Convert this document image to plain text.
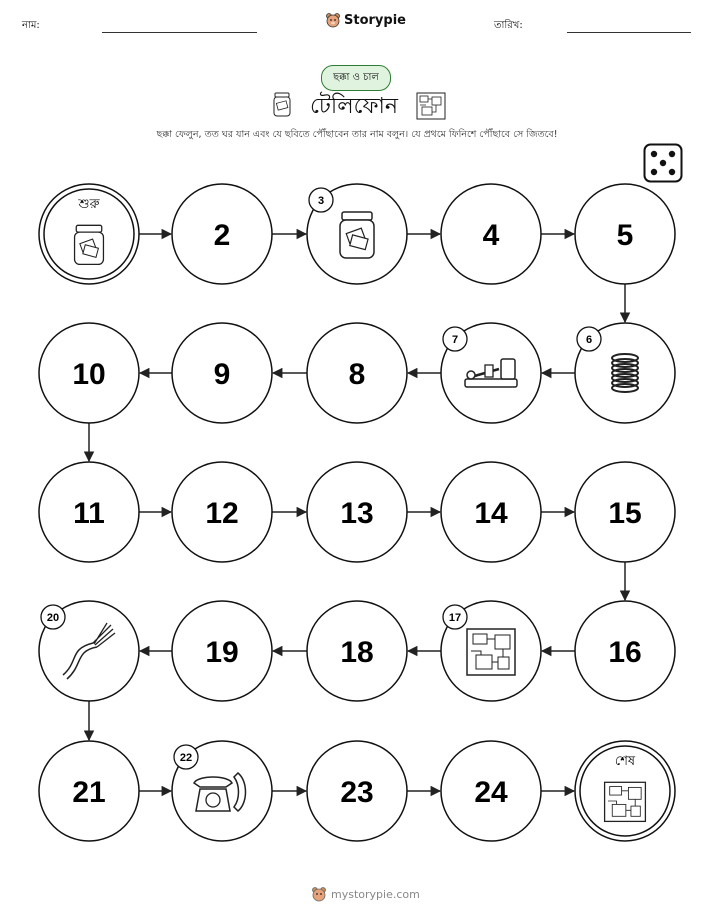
নাম:	Storypie	তারিখ:
ছক্কা ও চাল
টেলিফোন
ছক্কা ফেলুন, তত ঘর যান এবং যে ছবিতে পৌঁছাবেন তার নাম বলুন। যে প্রথমে ফিনিশে পৌঁছাবে সে জিতবে!
শুরু
2
3
4	5
6
7
8
9
10
11	12	13	14	15
16
17
18
19
20
21
22
23	24
শেষ
mystorypie.com
